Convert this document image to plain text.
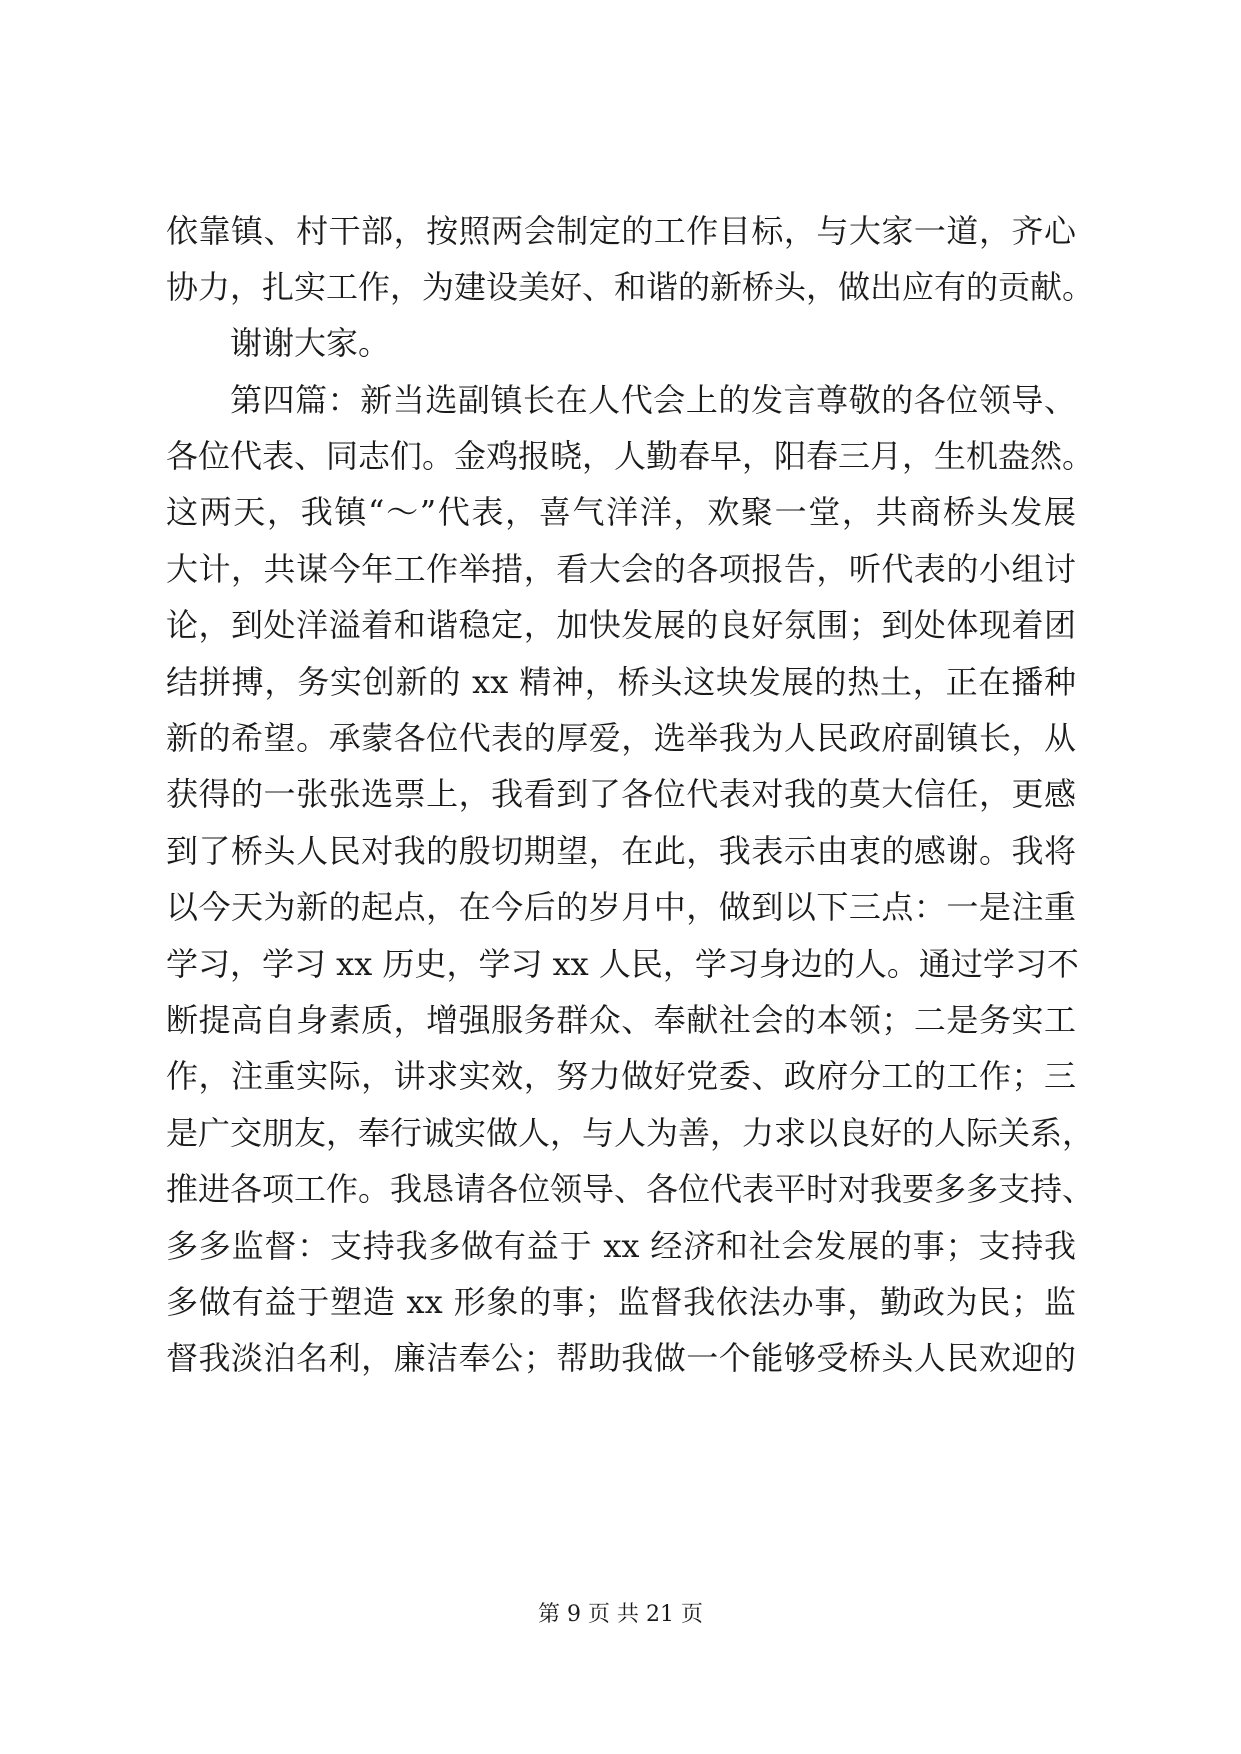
依靠镇、村干部，按照两会制定的工作目标，与大家一道，齐心
协力，扎实工作，为建设美好、和谐的新桥头，做出应有的贡献。
谢谢大家。
第四篇：新当选副镇长在人代会上的发言尊敬的各位领导、
各位代表、同志们。金鸡报晓，人勤春早，阳春三月，生机盎然。
这两天，我镇“～”代表，喜气洋洋，欢聚一堂，共商桥头发展
大计，共谋今年工作举措，看大会的各项报告，听代表的小组讨
论，到处洋溢着和谐稳定，加快发展的良好氛围；到处体现着团
结拼搏，务实创新的 xx 精神，桥头这块发展的热土，正在播种
新的希望。承蒙各位代表的厚爱，选举我为人民政府副镇长，从
获得的一张张选票上，我看到了各位代表对我的莫大信任，更感
到了桥头人民对我的殷切期望，在此，我表示由衷的感谢。我将
以今天为新的起点，在今后的岁月中，做到以下三点：一是注重
学习，学习 xx 历史，学习 xx 人民，学习身边的人。通过学习不
断提高自身素质，增强服务群众、奉献社会的本领；二是务实工
作，注重实际，讲求实效，努力做好党委、政府分工的工作；三
是广交朋友，奉行诚实做人，与人为善，力求以良好的人际关系，
推进各项工作。我恳请各位领导、各位代表平时对我要多多支持、
多多监督：支持我多做有益于 xx 经济和社会发展的事；支持我
多做有益于塑造 xx 形象的事；监督我依法办事，勤政为民；监
督我淡泊名利，廉洁奉公；帮助我做一个能够受桥头人民欢迎的
第 9 页 共 21 页
